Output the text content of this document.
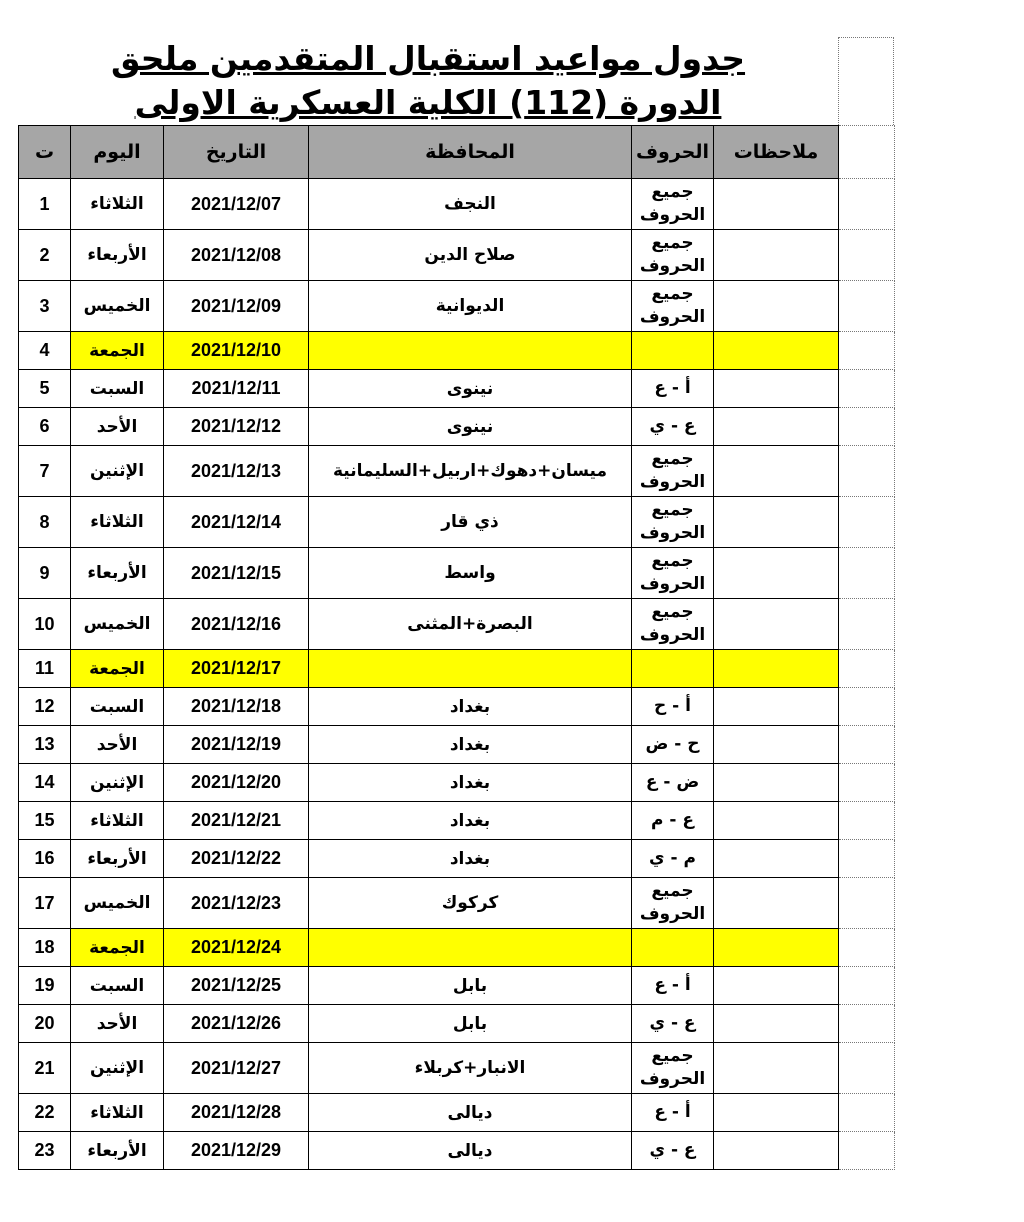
جدول مواعيد استقبال المتقدمين ملحق
الدورة (112) الكلية العسكرية الاولى
ت	اليوم	التاريخ	المحافظة	الحروف	ملاحظات	
1	الثلاثاء	2021/12/07	النجف	جميع الحروف		
2	الأربعاء	2021/12/08	صلاح الدين	جميع الحروف		
3	الخميس	2021/12/09	الديوانية	جميع الحروف		
4	الجمعة	2021/12/10				
5	السبت	2021/12/11	نينوى	أ - ع		
6	الأحد	2021/12/12	نينوى	ع - ي		
7	الإثنين	2021/12/13	ميسان+دهوك+اربيل+السليمانية	جميع الحروف		
8	الثلاثاء	2021/12/14	ذي قار	جميع الحروف		
9	الأربعاء	2021/12/15	واسط	جميع الحروف		
10	الخميس	2021/12/16	البصرة+المثنى	جميع الحروف		
11	الجمعة	2021/12/17				
12	السبت	2021/12/18	بغداد	أ - ح		
13	الأحد	2021/12/19	بغداد	ح - ض		
14	الإثنين	2021/12/20	بغداد	ض - ع		
15	الثلاثاء	2021/12/21	بغداد	ع - م		
16	الأربعاء	2021/12/22	بغداد	م - ي		
17	الخميس	2021/12/23	كركوك	جميع الحروف		
18	الجمعة	2021/12/24				
19	السبت	2021/12/25	بابل	أ - ع		
20	الأحد	2021/12/26	بابل	ع - ي		
21	الإثنين	2021/12/27	الانبار+كربلاء	جميع الحروف		
22	الثلاثاء	2021/12/28	ديالى	أ - ع		
23	الأربعاء	2021/12/29	ديالى	ع - ي		
